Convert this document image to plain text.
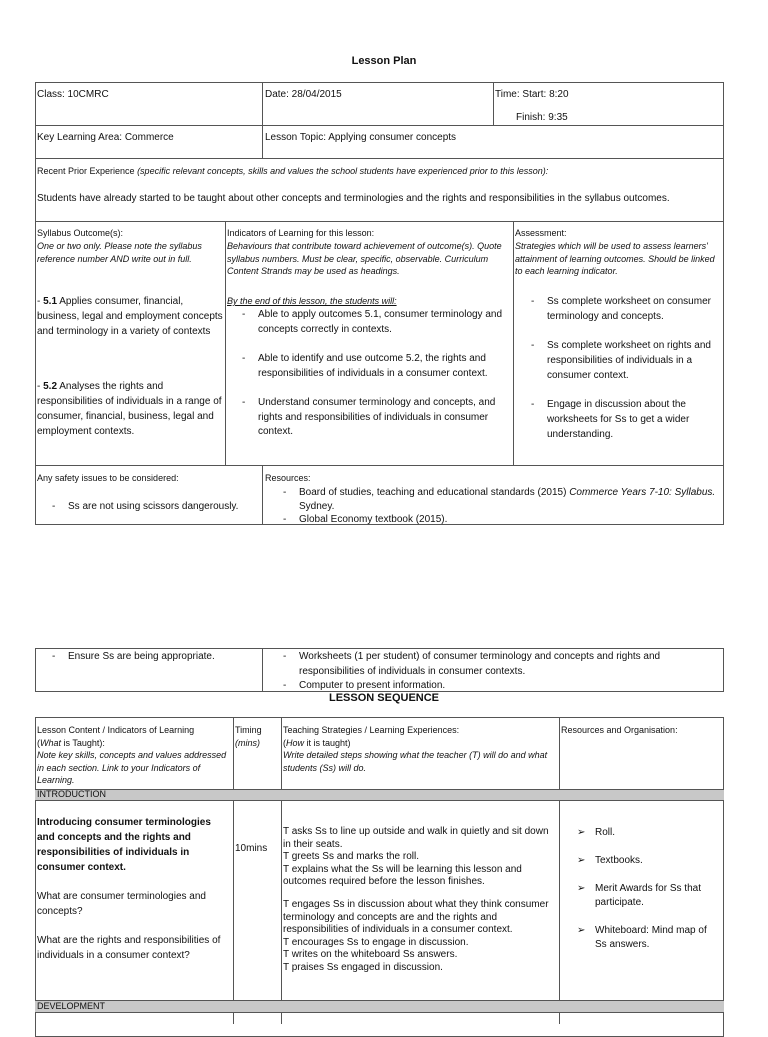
Lesson Plan
Class: 10CMRC	Date: 28/04/2015	Time: Start: 8:20
Finish: 9:35
Key Learning Area: Commerce	Lesson Topic: Applying consumer concepts
Recent Prior Experience (specific relevant concepts, skills and values the school students have experienced prior to this lesson):
Students have already started to be taught about other concepts and terminologies and the rights and responsibilities in the syllabus outcomes.
Syllabus Outcome(s):
One or two only. Please note the syllabus reference number AND write out in full.
- 5.1 Applies consumer, financial, business, legal and employment concepts and terminology in a variety of contexts
- 5.2 Analyses the rights and responsibilities of individuals in a range of consumer, financial, business, legal and employment contexts.
Indicators of Learning for this lesson:
Behaviours that contribute toward achievement of outcome(s). Quote syllabus numbers. Must be clear, specific, observable. Curriculum Content Strands may be used as headings.
By the end of this lesson, the students will:
- Able to apply outcomes 5.1, consumer terminology and concepts correctly in contexts.
- Able to identify and use outcome 5.2, the rights and responsibilities of individuals in a consumer context.
- Understand consumer terminology and concepts, and rights and responsibilities of individuals in consumer context.
Assessment:
Strategies which will be used to assess learners' attainment of learning outcomes. Should be linked to each learning indicator.
- Ss complete worksheet on consumer terminology and concepts.
- Ss complete worksheet on rights and responsibilities of individuals in a consumer context.
- Engage in discussion about the worksheets for Ss to get a wider understanding.
Any safety issues to be considered:
- Ss are not using scissors dangerously.
Resources:
- Board of studies, teaching and educational standards (2015) Commerce Years 7-10: Syllabus. Sydney.
- Global Economy textbook (2015).
- Ensure Ss are being appropriate.
-	Worksheets (1 per student) of consumer terminology and concepts and rights and responsibilities of individuals in consumer contexts.
- Computer to present information.
LESSON SEQUENCE
Lesson Content / Indicators of Learning
(What is Taught):
Note key skills, concepts and values addressed in each section. Link to your Indicators of Learning.
Timing
(mins)
Teaching Strategies / Learning Experiences:
(How it is taught)
Write detailed steps showing what the teacher (T) will do and what students (Ss) will do.
Resources and Organisation:
INTRODUCTION
Introducing consumer terminologies and concepts and the rights and responsibilities of individuals in consumer context.
What are consumer terminologies and concepts?
What are the rights and responsibilities of individuals in a consumer context?
10mins
T asks Ss to line up outside and walk in quietly and sit down in their seats.
T greets Ss and marks the roll.
T explains what the Ss will be learning this lesson and outcomes required before the lesson finishes.
T engages Ss in discussion about what they think consumer terminology and concepts are and the rights and responsibilities of individuals in a consumer context.
T encourages Ss to engage in discussion.
T writes on the whiteboard Ss answers.
T praises Ss engaged in discussion.
➢ Roll.
➢ Textbooks.
➢ Merit Awards for Ss that participate.
➢ Whiteboard: Mind map of Ss answers.
DEVELOPMENT
